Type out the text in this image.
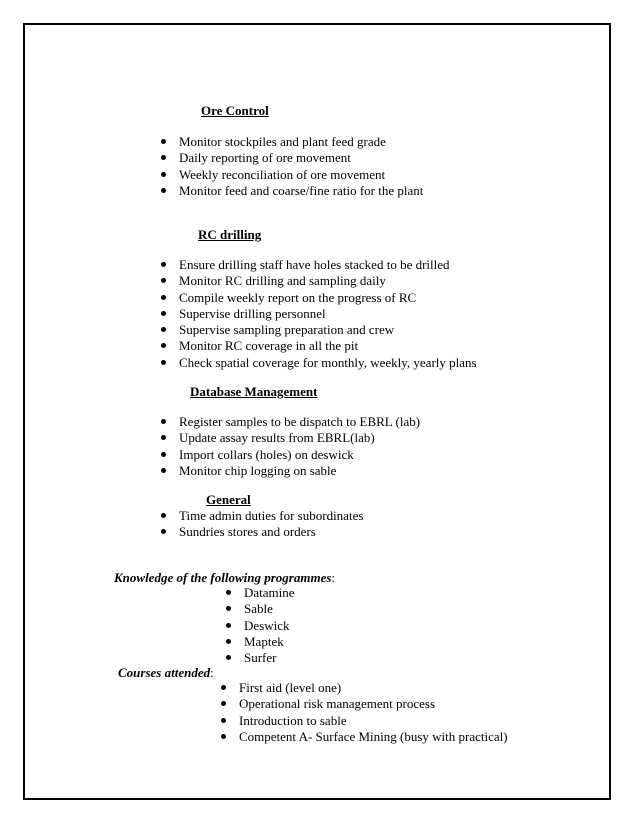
Ore Control
Monitor stockpiles and plant feed grade
Daily reporting of ore movement
Weekly reconciliation of ore movement
Monitor feed and coarse/fine ratio for the plant
RC drilling
Ensure drilling staff have holes stacked to be drilled
Monitor RC drilling and sampling daily
Compile weekly report on the progress of RC
Supervise drilling personnel
Supervise sampling preparation and crew
Monitor RC coverage in all the pit
Check spatial coverage for monthly, weekly, yearly plans
Database Management
Register samples to be dispatch to EBRL (lab)
Update assay results from EBRL(lab)
Import collars (holes) on deswick
Monitor chip logging on sable
General
Time admin duties for subordinates
Sundries stores and orders
Knowledge of the following programmes:
Datamine
Sable
Deswick
Maptek
Surfer
Courses attended:
First aid (level one)
Operational risk management process
Introduction to sable
Competent A- Surface Mining (busy with practical)
